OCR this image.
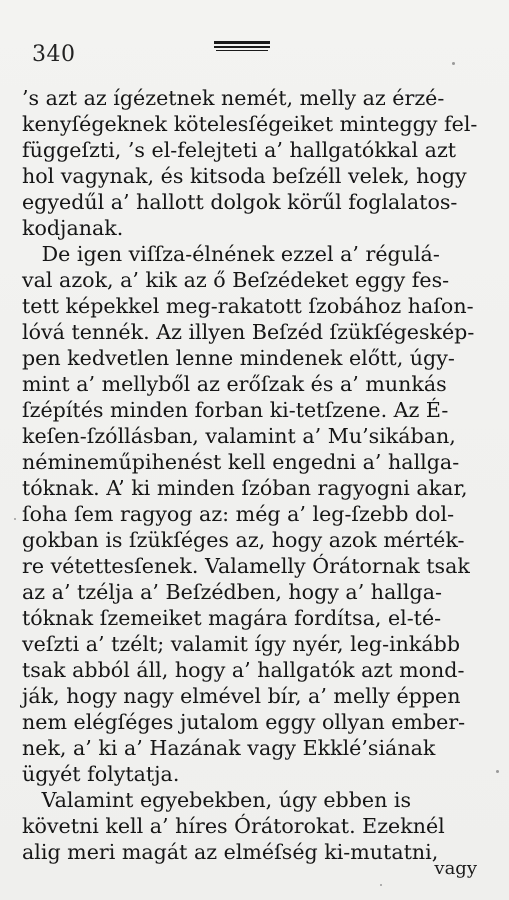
340
’s azt az ígézetnek nemét, melly az érzé-
kenyſégeknek kötelesſégeiket minteggy fel-
függeſzti, ’s el-felejteti a’ hallgatókkal azt
hol vagynak, és kitsoda beſzéll velek, hogy
egyedűl a’ hallott dolgok körűl foglalatos-
kodjanak.
De igen viſſza-élnének ezzel a’ régulá-
val azok, a’ kik az ő Beſzédeket eggy fes-
tett képekkel meg-rakatott ſzobához haſon-
lóvá tennék. Az illyen Beſzéd ſzükſégeskép-
pen kedvetlen lenne mindenek előtt, úgy-
mint a’ mellyből az erőſzak és a’ munkás
ſzépítés minden forban ki-tetſzene. Az É-
keſen-ſzóllásban, valamint a’ Mu’sikában,
némineműpihenést kell engedni a’ hallga-
tóknak. A’ ki minden ſzóban ragyogni akar,
ſoha ſem ragyog az: még a’ leg-ſzebb dol-
gokban is ſzükſéges az, hogy azok mérték-
re vétettesſenek. Valamelly Órátornak tsak
az a’ tzélja a’ Beſzédben, hogy a’ hallga-
tóknak ſzemeiket magára fordítsa, el-té-
veſzti a’ tzélt; valamit így nyér, leg-inkább
tsak abból áll, hogy a’ hallgatók azt mond-
ják, hogy nagy elmével bír, a’ melly éppen
nem elégſéges jutalom eggy ollyan ember-
nek, a’ ki a’ Hazának vagy Ekklé’siának
ügyét folytatja.
Valamint egyebekben, úgy ebben is
követni kell a’ híres Órátorokat. Ezeknél
alig meri magát az elméſség ki-mutatni,
vagy
